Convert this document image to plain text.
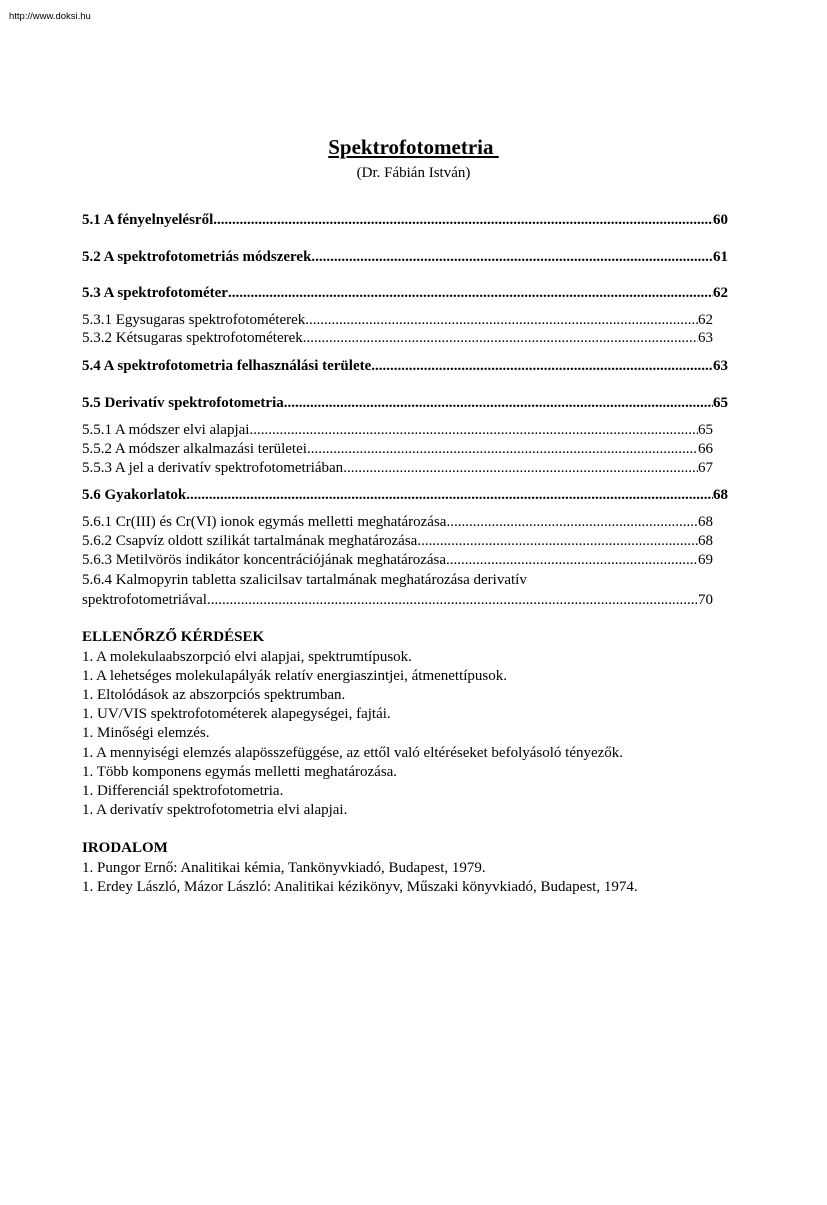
http://www.doksi.hu
Spektrofotometria
(Dr. Fábián István)
5.1 A fényelnyelésről .....	60
5.2 A spektrofotometriás módszerek .....	61
5.3 A spektrofotométer .....	62
5.3.1 Egysugaras spektrofotométerek .....	62
5.3.2 Kétsugaras spektrofotométerek .....	63
5.4 A spektrofotometria felhasználási területe .....	63
5.5 Derivatív spektrofotometria .....	65
5.5.1 A módszer elvi alapjai .....	65
5.5.2 A módszer alkalmazási területei .....	66
5.5.3 A jel a derivatív spektrofotometriában .....	67
5.6 Gyakorlatok .....	68
5.6.1 Cr(III) és Cr(VI) ionok egymás melletti meghatározása .....	68
5.6.2 Csapvíz oldott szilikát tartalmának meghatározása .....	68
5.6.3 Metilvörös indikátor koncentrációjának meghatározása .....	69
5.6.4 Kalmopyrin tabletta szalicilsav tartalmának meghatározása derivatív
spektrofotometriával .....	70
ELLENŐRZŐ KÉRDÉSEK
1. A molekulaabszorpció elvi alapjai, spektrumtípusok.
1. A lehetséges molekulapályák relatív energiaszintjei, átmenettípusok.
1. Eltolódások az abszorpciós spektrumban.
1. UV/VIS spektrofotométerek alapegységei, fajtái.
1. Minőségi elemzés.
1. A mennyiségi elemzés alapösszefüggése, az ettől való eltéréseket befolyásoló tényezők.
1. Több komponens egymás melletti meghatározása.
1. Differenciál spektrofotometria.
1. A derivatív spektrofotometria elvi alapjai.
IRODALOM
1. Pungor Ernő: Analitikai kémia, Tankönyvkiadó, Budapest, 1979.
1. Erdey László, Mázor László: Analitikai kézikönyv, Műszaki könyvkiadó, Budapest, 1974.
